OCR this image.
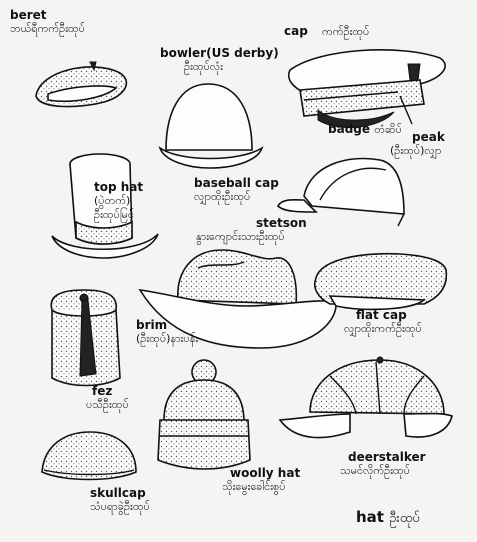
beret
ဘယ်ရီကက်ဦးထုပ်
bowler(US derby)
ဦးထုပ်လုံး
cap ကက်ဦးထုပ်
badge တံဆိပ်
peak
(ဦးထုပ်)လျှာ
top hat
(ပွဲတက်)
ဦးထုပ်မြင့်
baseball cap
လျှာထိုးဦးထုပ်
stetson
နွားကျောင်းသားဦးထုပ်
flat cap
လျှာထိုးကက်ဦးထုပ်
brim
(ဦးထုပ်)နားပန်း
fez
ပသီဦးထုပ်
deerstalker
သမင်လိုက်ဦးထုပ်
skullcap
သံပရာခွဲဦးထုပ်
woolly hat
သိုးမွေးခေါင်းစွပ်
hat ဦးထုပ်
